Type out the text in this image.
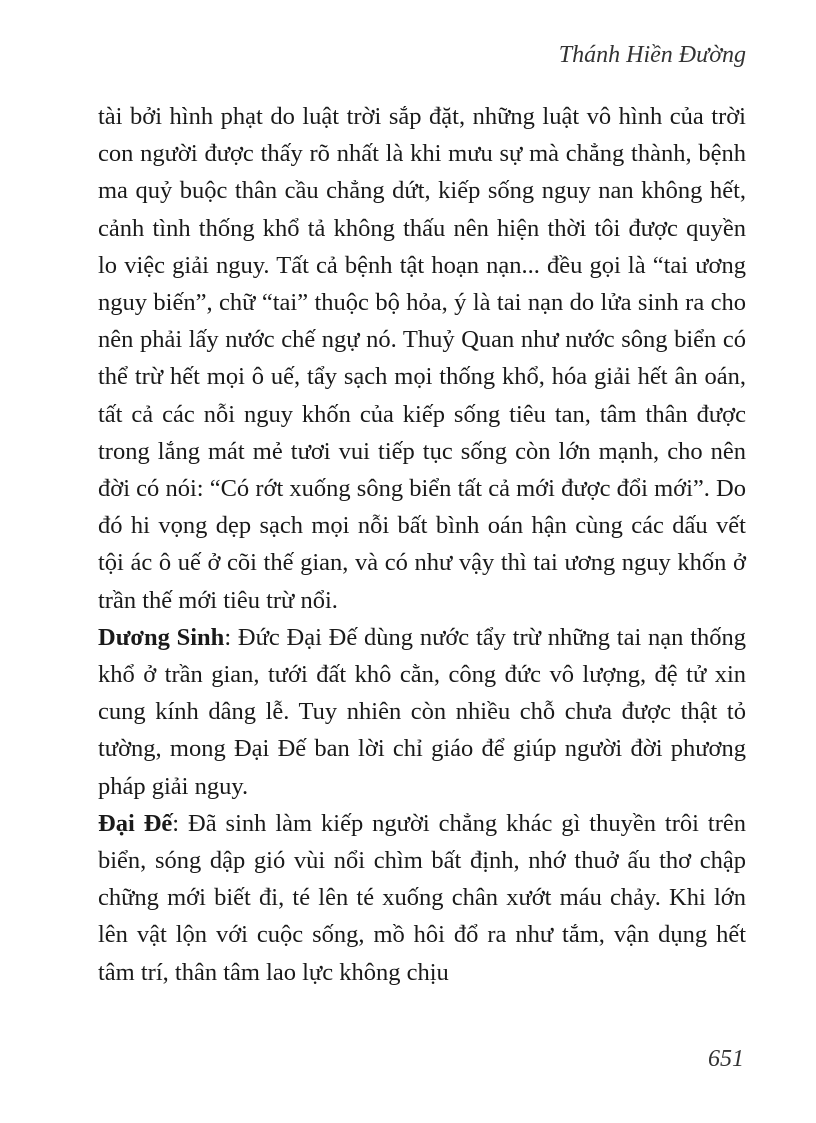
Thánh Hiền Đường

tài bởi hình phạt do luật trời sắp đặt, những luật vô hình của trời con người được thấy rõ nhất là khi mưu sự mà chẳng thành, bệnh ma quỷ buộc thân cầu chẳng dứt, kiếp sống nguy nan không hết, cảnh tình thống khổ tả không thấu nên hiện thời tôi được quyền lo việc giải nguy. Tất cả bệnh tật hoạn nạn... đều gọi là “tai ương nguy biến”, chữ “tai” thuộc bộ hỏa, ý là tai nạn do lửa sinh ra cho nên phải lấy nước chế ngự nó. Thuỷ Quan như nước sông biển có thể trừ hết mọi ô uế, tẩy sạch mọi thống khổ, hóa giải hết ân oán, tất cả các nỗi nguy khốn của kiếp sống tiêu tan, tâm thân được trong lắng mát mẻ tươi vui tiếp tục sống còn lớn mạnh, cho nên đời có nói: “Có rớt xuống sông biển tất cả mới được đổi mới”. Do đó hi vọng dẹp sạch mọi nỗi bất bình oán hận cùng các dấu vết tội ác ô uế ở cõi thế gian, và có như vậy thì tai ương nguy khốn ở trần thế mới tiêu trừ nổi.

Dương Sinh: Đức Đại Đế dùng nước tẩy trừ những tai nạn thống khổ ở trần gian, tưới đất khô cằn, công đức vô lượng, đệ tử xin cung kính dâng lễ. Tuy nhiên còn nhiều chỗ chưa được thật tỏ tường, mong Đại Đế ban lời chỉ giáo để giúp người đời phương pháp giải nguy.

Đại Đế: Đã sinh làm kiếp người chẳng khác gì thuyền trôi trên biển, sóng dập gió vùi nổi chìm bất định, nhớ thuở ấu thơ chập chững mới biết đi, té lên té xuống chân xướt máu chảy. Khi lớn lên vật lộn với cuộc sống, mồ hôi đổ ra như tắm, vận dụng hết tâm trí, thân tâm lao lực không chịu

651
